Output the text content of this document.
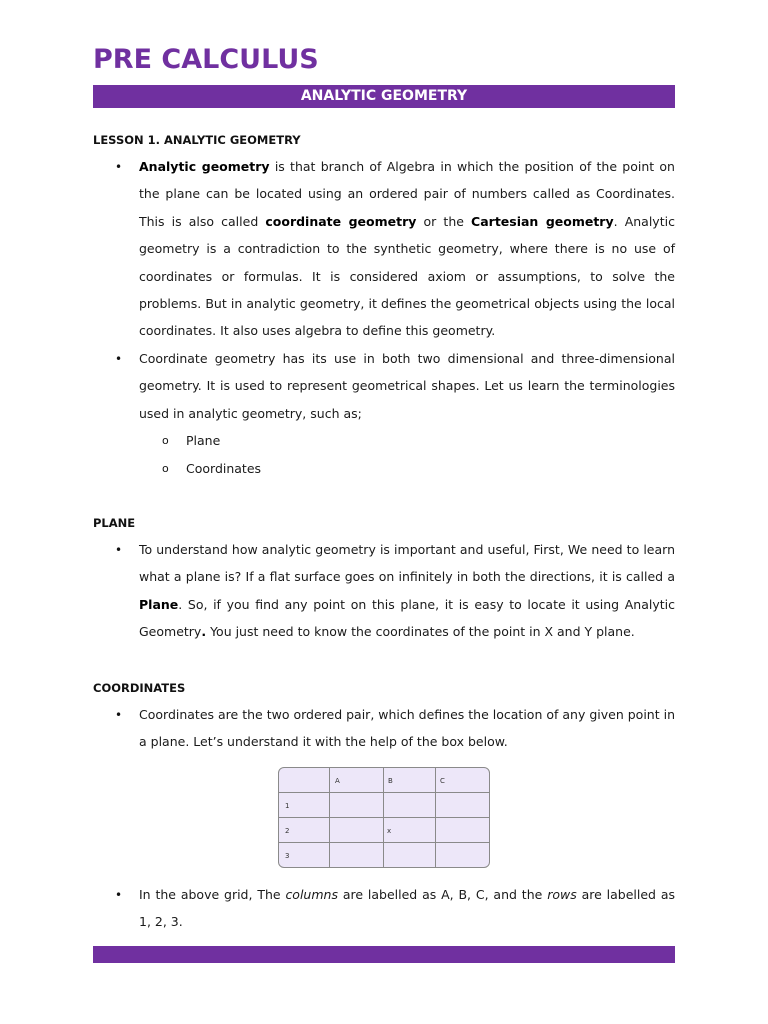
PRE CALCULUS
ANALYTIC GEOMETRY
LESSON 1. ANALYTIC GEOMETRY
• Analytic geometry is that branch of Algebra in which the position of the point on the plane can be located using an ordered pair of numbers called as Coordinates. This is also called coordinate geometry or the Cartesian geometry. Analytic geometry is a contradiction to the synthetic geometry, where there is no use of coordinates or formulas. It is considered axiom or assumptions, to solve the problems. But in analytic geometry, it defines the geometrical objects using the local coordinates. It also uses algebra to define this geometry.

• Coordinate geometry has its use in both two dimensional and three-dimensional geometry. It is used to represent geometrical shapes. Let us learn the terminologies used in analytic geometry, such as;

o Plane
o Coordinates
PLANE
• To understand how analytic geometry is important and useful, First, We need to learn what a plane is? If a flat surface goes on infinitely in both the directions, it is called a Plane. So, if you find any point on this plane, it is easy to locate it using Analytic Geometry. You just need to know the coordinates of the point in X and Y plane.

COORDINATES
• Coordinates are the two ordered pair, which defines the location of any given point in a plane. Let’s understand it with the help of the box below.

A	B	C
1
2
3
x
• In the above grid, The columns are labelled as A, B, C, and the rows are labelled as 1, 2, 3.
